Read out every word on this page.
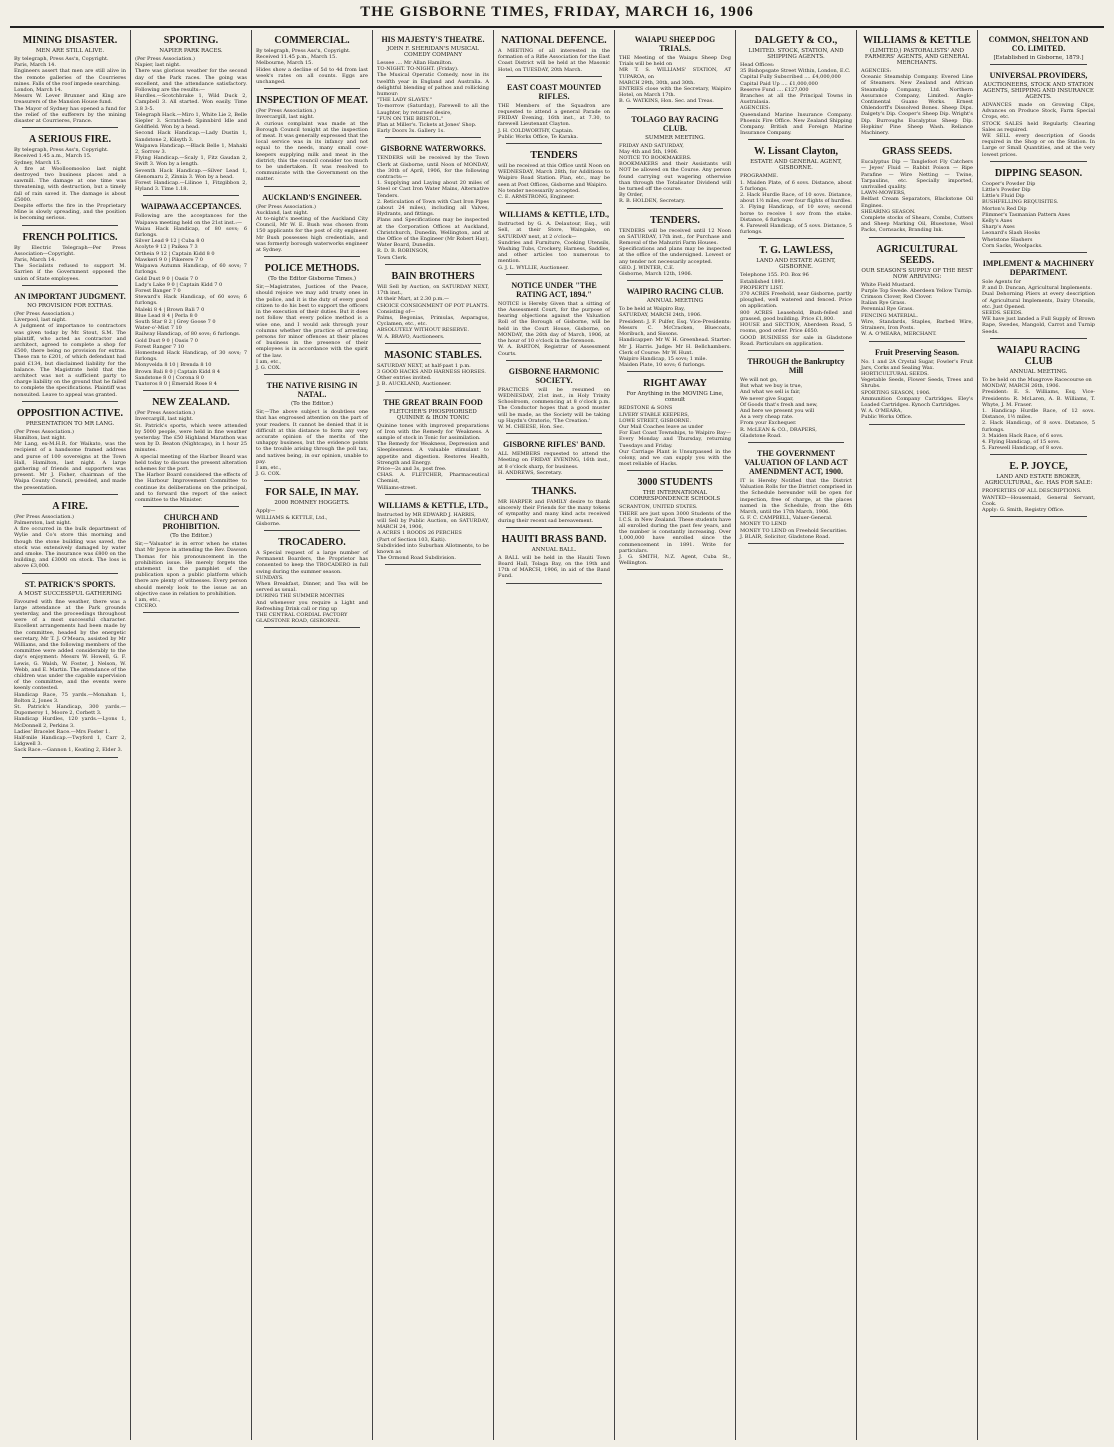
THE GISBORNE TIMES, FRIDAY, MARCH 16, 1906
MINING DISASTER.
MEN ARE STILL ALIVE.
By telegraph, Press Ass'n, Copyright.
Paris, March 14.
Engineers assert that men are still alive in the remote galleries of the Courrieres mines. Falls of the roof impede searching.
London, March 14.
Messrs W. Lever Brunner and King are treasurers of the Mansion House fund.
The Mayor of Sydney has opened a fund for the relief of the sufferers by the mining disaster at Courrieres, France.
A SERIOUS FIRE.
By telegraph, Press Ass'n, Copyright.
Received 1.45 a.m., March 15.
Sydney, March 15.
A fire at Woolloomooloo last night destroyed two business places and a sawmill. The damage at one time was threatening, with destruction, but a timely fall of rain saved it. The damage is about £5000.
Despite efforts the fire in the Proprietary Mine is slowly spreading, and the position is becoming serious.
FRENCH POLITICS.
By Electric Telegraph—Per Press Association—Copyright.
Paris, March 14.
The Socialists refused to support M. Sarrien if the Government opposed the union of State employees.
AN IMPORTANT JUDGMENT.
NO PROVISION FOR EXTRAS.
(Per Press Association.)
Liverpool, last night.
A judgment of importance to contractors was given today by Mr. Stout, S.M. The plaintiff, who acted as contractor and architect, agreed to complete a shop for £500, there being no provision for extras. These ran to £201, of which defendant had paid £134, but disclaimed liability for the balance. The Magistrate held that the architect was not a sufficient party to charge liability on the ground that he failed to complete the specifications. Plaintiff was nonsuited. Leave to appeal was granted.
OPPOSITION ACTIVE.
PRESENTATION TO MR LANG.
(Per Press Association.)
Hamilton, last night.
Mr Lang, ex-M.H.R. for Waikato, was the recipient of a handsome framed address and purse of 100 sovereigns at the Town Hall, Hamilton, last night. A large gathering of friends and supporters was present. Mr J. Fisher, chairman of the Waipa County Council, presided, and made the presentation.
A FIRE.
(Per Press Association.)
Palmerston, last night.
A fire occurred in the bulk department of Wylie and Co's store this morning and though the stone building was saved, the stock was extensively damaged by water and smoke. The insurance was £800 on the building, and £3000 on stock. The loss is above £3,000.
ST. PATRICK'S SPORTS.
A MOST SUCCESSFUL GATHERING
Favoured with fine weather, there was a large attendance at the Park grounds yesterday, and the proceedings throughout were of a most successful character. Excellent arrangements had been made by the committee, headed by the energetic secretary, Mr T. J. O'Meara, assisted by Mr Williams, and the following members of the committee were added considerably to the day's enjoyment: Messrs W. Howell, G. F. Lewis, G. Walsh, W. Foster, J. Nelson, W. Webb, and E. Martin. The attendance of the children was under the capable supervision of the committee, and the events were keenly contested.
Handicap Race, 75 yards.—Monahan 1, Bolton 2, Jones 3.
St. Patrick's Handicap, 300 yards.—Dupomeroy 1, Moore 2, Corbett 3.
Handicap Hurdles, 120 yards.—Lyons 1, McDonnell 2, Perkins 3.
Ladies' Bracelet Race.—Mrs Foster 1.
Half-mile Handicap.—Twyford 1, Carr 2, Lidgwell 3.
Sack Race.—Gannon 1, Keating 2, Elder 3.
SPORTING.
NAPIER PARK RACES.
(Per Press Association.)
Napier, last night.
There was glorious weather for the second day of the Park races. The going was excellent, and the attendance satisfactory. Following are the results:—
Hurdles.—Scotchbrake 1, Wild Duck 2, Campbell 3. All started. Won easily. Time 3.8 3-5.
Telegraph Hack.—Miro 1, White Lie 2, Belle Siepler 3. Scratched: Spinnbird Idle and Goldfield. Won by a head.
Second Hack Handicap.—Lady Dustin 1, Sandstone 2, Kilsyth 3.
Waipawa Handicap.—Black Belle 1, Mahaki 2, Sorrow 3.
Flying Handicap.—Scaly 1, Fitz Gaudan 2, Swift 3. Won by a length.
Seventh Hack Handicap.—Silver Lead 1, Glenomaru 2, Zinnia 3. Won by a head.
Forest Handicap.—Lilinoe 1, Fitzgibbon 2, Hyland 3. Time 1.18.
WAIPAWA ACCEPTANCES.
Following are the acceptances for the Waipawa meeting held on the 21st inst.:—
Waiau Hack Handicap, of 80 sovs; 6 furlongs.
Silver Lead 9 12 | Cuba 8 0
Acolyte 9 12 | Paikea 7 3
Ortheia 9 12 | Captain Kidd 8 0
Mawkeri 9 0 | Pikerere 7 0
Waipawa Autumn Handicap, of 60 sovs; 7 furlongs.
Gold Dust 9 0 | Oasis 7 0
Lady's Lake 9 0 | Captain Kidd 7 0
Forest Banger 7 0
Steward's Hack Handicap, of 60 sovs; 6 furlongs.
Maleki 8 4 | Brown Bali 7 0
Blue Lead 8 4 | Perla 8 0
South Star 8 2 | Grey Goose 7 0
Water-o'-Mist 7 10
Railway Handicap, of 80 sovs; 6 furlongs.
Gold Dust 9 0 | Oasis 7 0
Forest Ranger 7 10
Homestead Hack Handicap, of 30 sovs; 7 furlongs.
Monyvelda 8 10 | Brenda 8 10
Brown Bali 8 0 | Captain Kidd 8 4
Sandstone 8 0 | Corona 8 0
Tuatoros 8 0 | Emerald Rose 8 4
NEW ZEALAND.
(Per Press Association.)
Invercargill, last night.
St. Patrick's sports, which were attended by 5000 people, were held in fine weather yesterday. The £50 Highland Marathon was won by D. Beaton (Nightcaps), in 1 hour 25 minutes.
A special meeting of the Harbor Board was held today to discuss the present alteration schemes for the port.
The Harbor Board considered the effects of the Harbour Improvement Committee to continue its deliberations on the principal, and to forward the report of the select committee to the Minister.
CHURCH AND PROHIBITION.
(To the Editor.)
Sir,—'Valuator' is in error when he states that Mr Joyce in attending the Rev. Dawson Thomas for his pronouncement in the prohibition issue. He merely forgets the statement in the pamphlet of the publication upon a public platform which there are plenty of witnesses. Every person should merely look to the issue as an objective case in relation to prohibition.
I am, etc.,
CICERO.
COMMERCIAL.
By telegraph, Press Ass'n, Copyright.
Received 11.45 p.m., March 15.
Melbourne, March 15.
Hides show a decline of 5d to 4d from last week's rates on all counts. Eggs are unchanged.
INSPECTION OF MEAT.
(Per Press Association.)
Invercargill, last night.
A curious complaint was made at the Borough Council tonight at the inspection of meat. It was generally expressed that the local service was in its infancy and not equal to the needs, many small cow-keepers supplying milk and meat in the district; this the council consider too much to be undertaken. It was resolved to communicate with the Government on the matter.
AUCKLAND'S ENGINEER.
(Per Press Association.)
Auckland, last night.
At to-night's meeting of the Auckland City Council, Mr W. E. Bush was chosen from 150 applicants for the post of city engineer. Mr Bush possesses high credentials, and was formerly borough waterworks engineer at Sydney.
POLICE METHODS.
(To the Editor Gisborne Times.)
Sir,—Magistrates, Justices of the Peace, should rejoice we may add trusty ones in the police, and it is the duty of every good citizen to do his best to support the officers in the execution of their duties. But it does not follow that every police method is a wise one, and I would ask through your columns whether the practice of arresting persons for minor offences at their places of business in the presence of their employees is in accordance with the spirit of the law.
I am, etc.,
J. G. COX.
THE NATIVE RISING IN NATAL.
(To the Editor.)
Sir,—The above subject is doubtless one that has engrossed attention on the part of your readers. It cannot be denied that it is difficult at this distance to form any very accurate opinion of the merits of the unhappy business, but the evidence points to the trouble arising through the poll tax, and natives being, in our opinion, unable to pay.
I am, etc.,
J. G. COX.
FOR SALE, IN MAY.
2000 ROMNEY HOGGETS.
Apply—
WILLIAMS & KETTLE, Ltd.,
Gisborne.
TROCADERO.
A Special request of a large number of Permanent Boarders, the Proprietor has consented to keep the TROCADERO in full swing during the summer season.
SUNDAYS.
When Breakfast, Dinner, and Tea will be served as usual.
DURING THE SUMMER MONTHS
And whenever you require a Light and Refreshing Drink call or ring up
THE CENTRAL CORDIAL FACTORY
GLADSTONE ROAD, GISBORNE.
HIS MAJESTY'S THEATRE.
JOHN F. SHERIDAN'S MUSICAL COMEDY COMPANY
Lessee .... Mr Allan Hamilton.
TO-NIGHT. TO-NIGHT. (Friday).
The Musical Operatic Comedy, now in its twelfth year in England and Australia. A delightful blending of pathos and rollicking humour:
"THE LADY SLAVEY."
To-morrow (Saturday), Farewell to all the Laughter, by returned desire,
"FUN ON THE BRISTOL."
Plan at Miller's. Tickets at Jones' Shop.
Early Doors 3s. Gallery 1s.
GISBORNE WATERWORKS.
TENDERS will be received by the Town Clerk at Gisborne, until Noon of MONDAY, the 30th of April, 1906, for the following contracts:—
1. Supplying and Laying about 20 miles of Steel or Cast Iron Water Mains, Alternative Tenders.
2. Reticulation of Town with Cast Iron Pipes (about 24 miles), including all Valves, Hydrants, and fittings.
Plans and Specifications may be inspected at the Corporation Offices at Auckland, Christchurch, Dunedin, Wellington, and at the Office of the Engineer (Mr Robert Hay), Water Board, Dunedin.
R. D. B. ROBINSON,
Town Clerk.
BAIN BROTHERS
Will Sell by Auction, on SATURDAY NEXT, 17th inst.,
At their Mart, at 2.30 p.m.—
CHOICE CONSIGNMENT OF POT PLANTS.
Consisting of—
Palms, Begonias, Primulas, Asparagus, Cyclamen, etc., etc.
ABSOLUTELY WITHOUT RESERVE.
W. A. BRAVO, Auctioneers.
MASONIC STABLES.
SATURDAY NEXT, at half-past 1 p.m.
3 GOOD HACKS AND HARNESS HORSES.
Other entries invited.
J. B. AUCKLAND, Auctioneer.
THE GREAT BRAIN FOOD
FLETCHER'S PHOSPHORISED QUININE & IRON TONIC
Quinine tones with improved preparations of Iron with the Remedy for Weakness. A sample of stock in Tonic for assimilation.
The Remedy for Weakness, Depression and Sleeplessness. A valuable stimulant to appetite and digestion. Restores Health, Strength and Energy.
Price—2s and 3s, post free.
CHAS. A. FLETCHER, Pharmaceutical Chemist,
Williams-street.
WILLIAMS & KETTLE, LTD.,
Instructed by MR EDWARD J. HARRIS,
will Sell by Public Auction, on SATURDAY, MARCH 24, 1906,
A ACRES 1 ROODS 26 PERCHES
(Part of Section 103, Kaiti).
Subdivided into Suburban Allotments, to be known as
The Ormond Road Subdivision.
NATIONAL DEFENCE.
A MEETING of all interested in the formation of a Rifle Association for the East Coast District will be held at the Masonic Hotel, on TUESDAY, 20th March.
EAST COAST MOUNTED RIFLES.
THE Members of the Squadron are requested to attend a general Parade on FRIDAY Evening, 16th inst., at 7.30, to farewell Lieutenant Clayton.
J. H. COLDWORTHY, Captain.
Public Works Office, Te Karaka.
TENDERS
will be received at this Office until Noon on WEDNESDAY, March 28th, for Additions to Waipiro Road Station. Plan, etc., may be seen at Post Offices, Gisborne and Waipiro.
No tender necessarily accepted.
C. E. ARMSTRONG, Engineer.
WILLIAMS & KETTLE, LTD.,
Instructed by G. A. Delautour, Esq., will Sell, at their Store, Waingake, on SATURDAY next, at 2 o'clock—
Sundries and Furniture, Cooking Utensils, Washing Tubs, Crockery, Harness, Saddles, and other articles too numerous to mention.
G. J. L. WYLLIE, Auctioneer.
NOTICE UNDER "THE RATING ACT, 1894."
NOTICE is Hereby Given that a sitting of the Assessment Court, for the purpose of hearing objections against the Valuation Roll of the Borough of Gisborne, will be held in the Court House, Gisborne, on MONDAY, the 26th day of March, 1906, at the hour of 10 o'clock in the forenoon.
W. A. BARTON, Registrar of Assessment Courts.
GISBORNE HARMONIC SOCIETY.
PRACTICES will be resumed on WEDNESDAY, 21st inst., in Holy Trinity Schoolroom, commencing at 8 o'clock p.m. The Conductor hopes that a good muster will be made, as the Society will be taking up Haydn's Oratorio, 'The Creation.'
W. M. CHEESE, Hon. Sec.
GISBORNE RIFLES' BAND.
ALL MEMBERS requested to attend the Meeting on FRIDAY EVENING, 16th inst., at 8 o'clock sharp, for business.
H. ANDREWS, Secretary.
THANKS.
MR HARPER and FAMILY desire to thank sincerely their Friends for the many tokens of sympathy and many kind acts received during their recent sad bereavement.
HAUITI BRASS BAND.
ANNUAL BALL.
A BALL will be held in the Hauiti Town Board Hall, Tolaga Bay, on the 19th and 17th of MARCH, 1906, in aid of the Band Fund.
WAIAPU SHEEP DOG TRIALS.
THE Meeting of the Waiapu Sheep Dog Trials will be held on
MR T. S. WILLIAMS' STATION, AT TUPAROA, on
MARCH 29th, 30th, and 30th.
ENTRIES close with the Secretary, Waipiro Hotel, on March 17th.
B. G. WATKINS, Hon. Sec. and Treas.
TOLAGO BAY RACING CLUB.
SUMMER MEETING.
FRIDAY AND SATURDAY,
May 4th and 5th, 1906.
NOTICE TO BOOKMAKERS.
BOOKMAKERS and their Assistants will NOT be allowed on the Course. Any person found carrying out wagering otherwise than through the Totalisator Dividend will be turned off the course.
By Order,
R. B. HOLDEN, Secretary.
TENDERS.
TENDERS will be received until 12 Noon on SATURDAY, 17th inst., for Purchase and Removal of the Mahuriri Farm Houses.
Specifications and plans may be inspected at the office of the undersigned. Lowest or any tender not necessarily accepted.
GEO. J. WINTER, C.E.
Gisborne, March 12th, 1906.
WAIPIRO RACING CLUB.
ANNUAL MEETING
To be held at Waipiro Bay,
SATURDAY, MARCH 24th, 1906.
President: J. F. Pulfer, Esq. Vice-Presidents: Messrs C. McCracken, Bluecoats, Moribuch, and Sissons.
Handicapper: Mr W. H. Greenhead. Starter: Mr J. Harris. Judge: Mr H. Bellchambers. Clerk of Course: Mr W. Hunt.
Waipiro Handicap, 15 sovs; 1 mile.
Maiden Plate, 10 sovs; 6 furlongs.
RIGHT AWAY
For Anything in the MOVING Line, consult
REDSTONE & SONS
LIVERY STABLE KEEPERS,
LOWE STREET, GISBORNE.
Our Mail Coaches leave as under
For East Coast Townships, to Waipiro Bay—Every Monday and Thursday, returning Tuesdays and Friday.
Our Carriage Plant is Unsurpassed in the colony, and we can supply you with the most reliable of Hacks.
3000 STUDENTS
THE INTERNATIONAL CORRESPONDENCE SCHOOLS
SCRANTON, UNITED STATES.
THERE are just upon 3000 Students of the I.C.S. in New Zealand. These students have all enrolled during the past few years, and the number is constantly increasing. Over 1,000,000 have enrolled since the commencement in 1891. Write for particulars.
J. G. SMITH, N.Z. Agent, Cuba St., Wellington.
DALGETY & CO.,
LIMITED. STOCK, STATION, AND SHIPPING AGENTS.
Head Offices:
35 Bishopsgate Street Within, London, E.C.
Capital Fully Subscribed .... £4,000,000
Capital Paid Up .... £1,000,000
Reserve Fund .... £127,000
Branches at all the Principal Towns in Australasia.
AGENCIES:
Queensland Marine Insurance Company. Phoenix Fire Office. New Zealand Shipping Company. British and Foreign Marine Insurance Company.
W. Lissant Clayton,
ESTATE AND GENERAL AGENT, GISBORNE.
PROGRAMME.
1. Maiden Plate, of 6 sovs. Distance, about 5 furlongs.
2. Hack Hurdle Race, of 10 sovs. Distance, about 1½ miles, over four flights of hurdles.
3. Flying Handicap, of 10 sovs; second horse to receive 1 sov from the stake. Distance, 6 furlongs.
4. Farewell Handicap, of 5 sovs. Distance, 5 furlongs.
T. G. LAWLESS,
LAND AND ESTATE AGENT, GISBORNE.
Telephone 155. P.O. Box 96
Established 1891.
PROPERTY LIST.
370 ACRES Freehold, near Gisborne, partly ploughed, well watered and fenced. Price on application.
800 ACRES Leasehold, Bush-felled and grassed, good building. Price £1,800.
HOUSE and SECTION, Aberdeen Road, 5 rooms, good order. Price £650.
GOOD BUSINESS for sale in Gladstone Road. Particulars on application.
THROUGH the Bankruptcy Mill
We will not go,
But what we buy is true,
And what we sell is fair,
We never give Sugar,
Of Goods that's fresh and new,
And here we present you will
As a very cheap rate.
From your Exchequer.
R. McLEAN & CO., DRAPERS,
Gladstone Road.
THE GOVERNMENT VALUATION OF LAND ACT AMENDMENT ACT, 1900.
IT is Hereby Notified that the District Valuation Rolls for the District comprised in the Schedule hereunder will be open for inspection, free of charge, at the places named in the Schedule, from the 6th March, until the 17th March, 1906.
G. F. C. CAMPBELL, Valuer-General.
MONEY TO LEND
MONEY TO LEND on Freehold Securities.
J. BLAIR, Solicitor, Gladstone Road.
WILLIAMS & KETTLE
(LIMITED,) PASTORALISTS' AND FARMERS' AGENTS, AND GENERAL MERCHANTS.
AGENCIES:
Oceanic Steamship Company. Evered Line of Steamers. New Zealand and African Steamship Company, Ltd. Northern Assurance Company, Limited. Anglo-Continental Guano Works. Ernest Ohlendorff's Dissolved Bones. Sheep Dips. Dalgety's Dip. Cooper's Sheep Dip. Wright's Dip. Burroughs Eucalyptus Sheep Dip. Hopkins' Pine Sheep Wash. Reliance Machinery.
GRASS SEEDS.
Eucalyptus Dip — Tanglefoot Fly Catchers — Jeyes' Fluid — Rabbit Poison — Ripe Parafine — Wire Netting — Twine, Tarpaulins, etc. Specially imported, unrivalled quality.
LAWN-MOWERS,
Belfast Cream Separators, Blackstone Oil Engines.
SHEARING SEASON.
Complete stocks of Shears, Combs, Cutters and Sheep Marking Oil, Bluestone, Wool Packs, Cornsacks, Branding Ink.
AGRICULTURAL SEEDS.
OUR SEASON'S SUPPLY OF THE BEST NOW ARRIVING:
White Field Mustard.
Purple Top Swede. Aberdeen Yellow Turnip.
Crimson Clover, Red Clover.
Italian Rye Grass.
Perennial Rye Grass.
FENCING MATERIAL.
Wire, Standards, Staples, Barbed Wire, Strainers, Iron Posts.
W. A. O'MEARA, MERCHANT.
Fruit Preserving Season.
No. 1 and 2A Crystal Sugar, Fowler's Fruit Jars, Corks and Sealing Wax.
HORTICULTURAL SEEDS.
Vegetable Seeds, Flower Seeds, Trees and Shrubs.
SPORTING SEASON, 1906.
Ammunition Company Cartridges. Eley's Loaded Cartridges. Kynoch Cartridges.
W. A. O'MEARA,
Public Works Office.
COMMON, SHELTON AND CO. LIMITED.
[Established in Gisborne, 1879.]
UNIVERSAL PROVIDERS,
AUCTIONEERS, STOCK AND STATION AGENTS, SHIPPING AND INSURANCE AGENTS.
ADVANCES made on Growing Clips, Advances on Produce Stock, Farm Special Crops, etc.
STOCK SALES held Regularly. Clearing Sales as required.
WE SELL every description of Goods required in the Shop or on the Station. In Large or Small Quantities, and at the very lowest prices.
DIPPING SEASON.
Cooper's Powder Dip
Little's Powder Dip
Little's Fluid Dip
BUSHFELLING REQUISITES.
Morton's Red Dip
Plimmer's Tasmanian Pattern Axes
Kelly's Axes
Sharp's Axes
Leonard's Slash Hooks
Whetstone Slashers
Corn Sacks, Woolpacks.
IMPLEMENT & MACHINERY DEPARTMENT.
Sole Agents for
P. and D. Duncan, Agricultural Implements.
Dual Dehorning Pliers at every description of Agricultural Implements, Dairy Utensils, etc. Just Opened.
SEEDS. SEEDS.
WE have just landed a Full Supply of Brown Rape, Swedes, Mangold, Carrot and Turnip Seeds.
WAIAPU RACING CLUB
ANNUAL MEETING.
To be held on the Musgrove Racecourse on
MONDAY, MARCH 26th, 1906.
President: E. S. Williams, Esq. Vice-Presidents: R. McLaren, A. B. Williams, T. Whyte, J. M. Fraser.
1. Handicap Hurdle Race, of 12 sovs. Distance, 1½ miles.
2. Hack Handicap, of 8 sovs. Distance, 5 furlongs.
3. Maiden Hack Race, of 6 sovs.
4. Flying Handicap, of 15 sovs.
5. Farewell Handicap, of 8 sovs.
E. P. JOYCE,
LAND AND ESTATE BROKER, AGRICULTURAL, &c. HAS FOR SALE:
PROPERTIES OF ALL DESCRIPTIONS.
WANTED—Housemaid, General Servant, Cook.
Apply: G. Smith, Registry Office.
